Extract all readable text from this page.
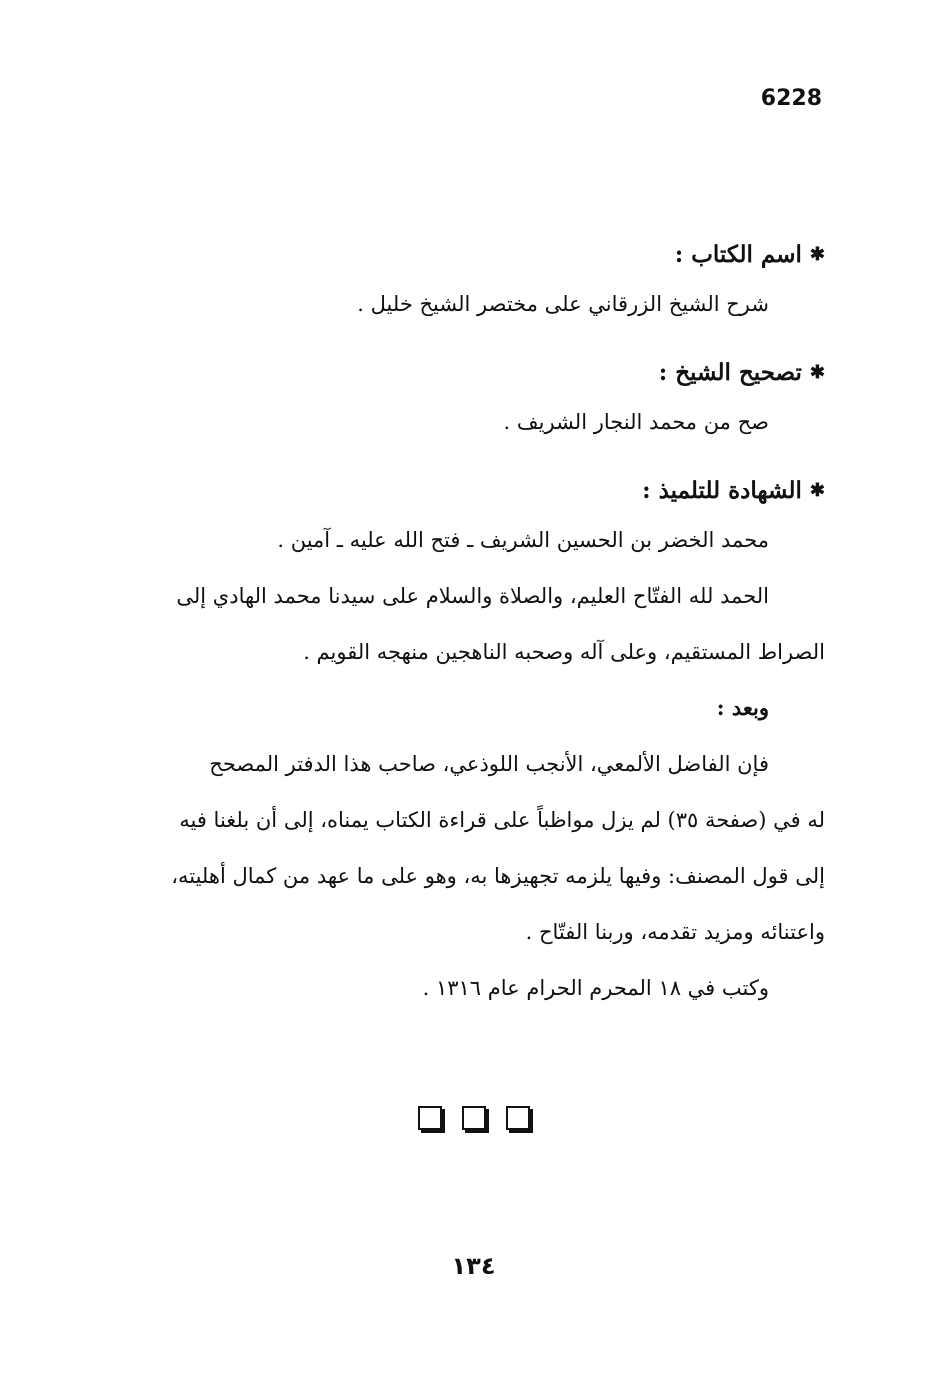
6228
✱
اسم الكتاب :
شرح الشيخ الزرقاني على مختصر الشيخ خليل .
✱
تصحيح الشيخ :
صح من محمد النجار الشريف .
✱
الشهادة للتلميذ :
محمد الخضر بن الحسين الشريف ـ فتح الله عليه ـ آمين .
الحمد لله الفتّاح العليم، والصلاة والسلام على سيدنا محمد الهادي إلى
الصراط المستقيم، وعلى آله وصحبه الناهجين منهجه القويم .
وبعد :
فإن الفاضل الألمعي، الأنجب اللوذعي، صاحب هذا الدفتر المصحح
له في (صفحة ٣٥) لم يزل مواظباً على قراءة الكتاب يمناه، إلى أن بلغنا فيه
إلى قول المصنف: وفيها يلزمه تجهيزها به، وهو على ما عهد من كمال أهليته،
واعتنائه ومزيد تقدمه، وربنا الفتّاح .
وكتب في ١٨ المحرم الحرام عام ١٣١٦ .

١٣٤
